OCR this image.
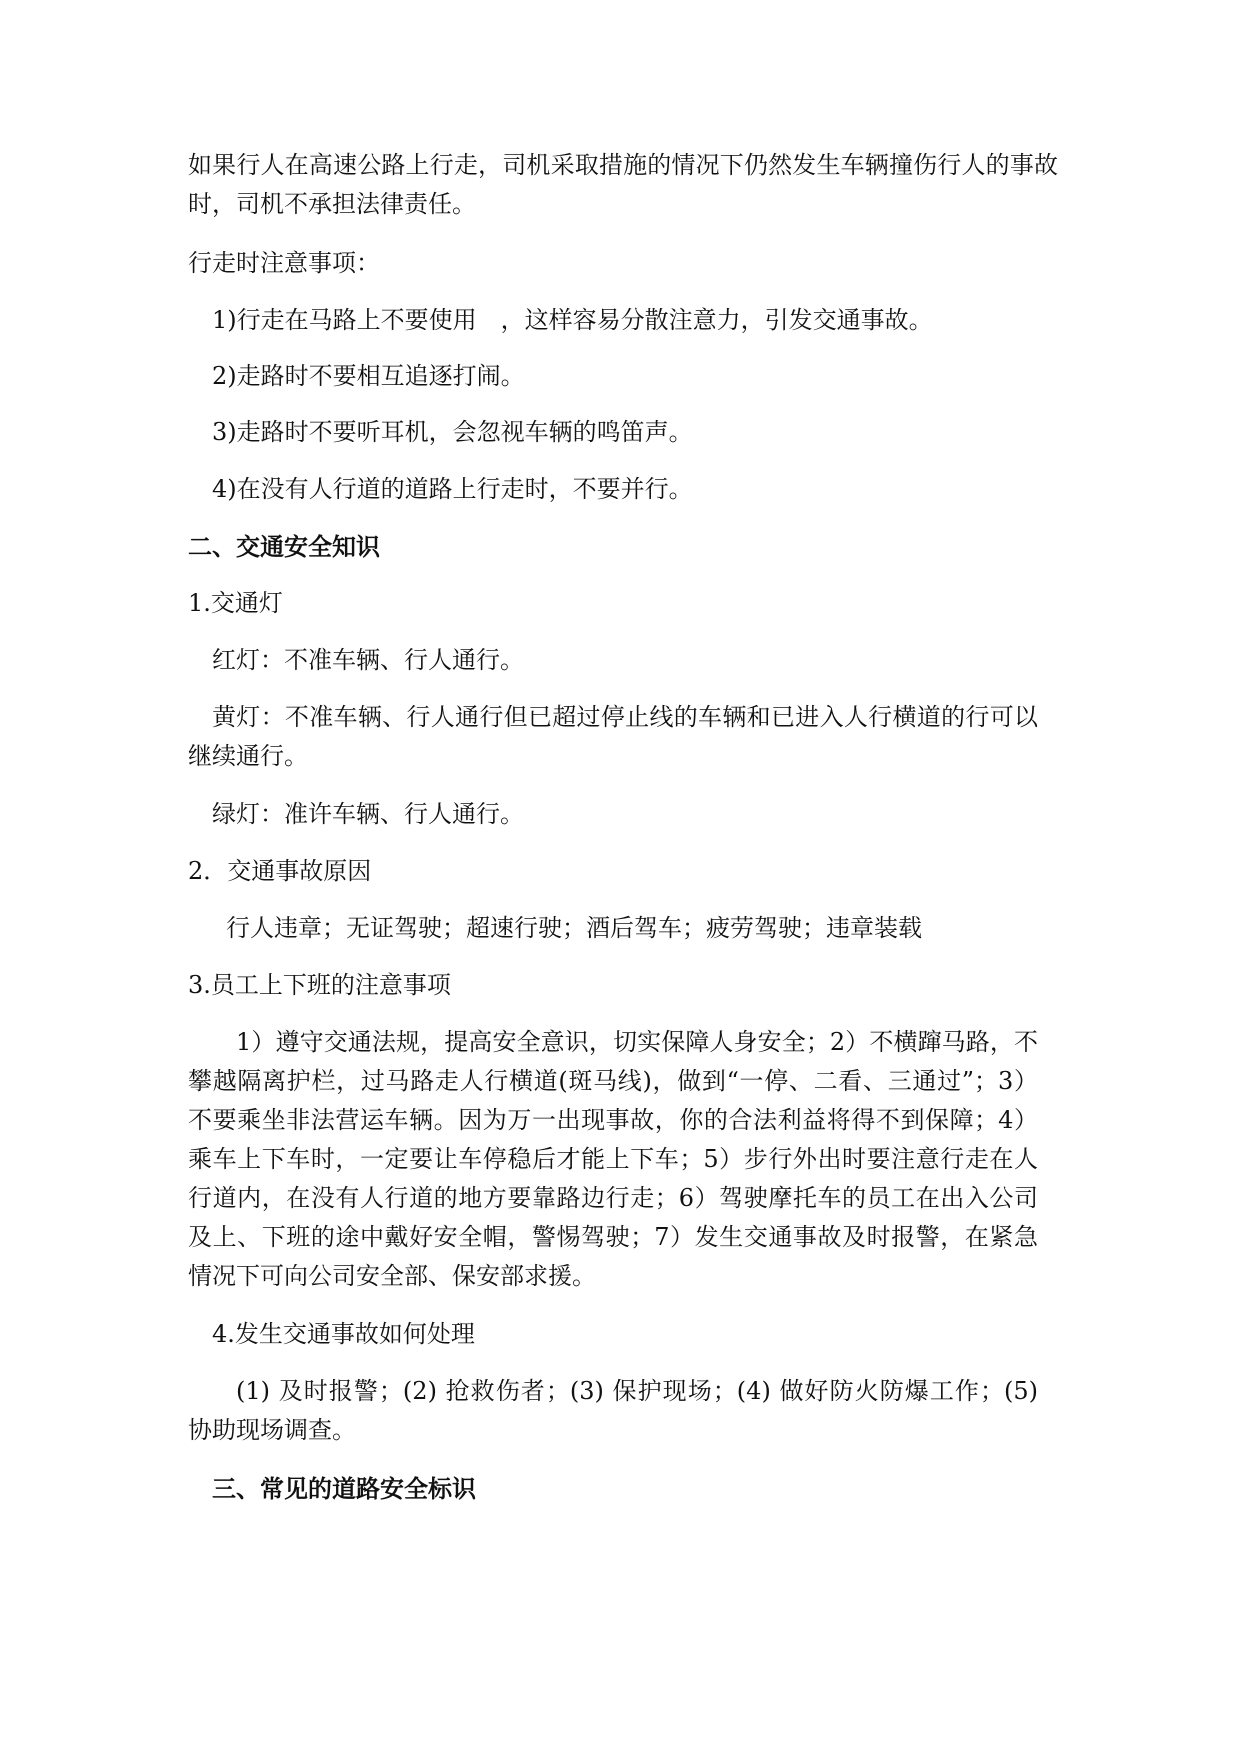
如果行人在高速公路上行走，司机采取措施的情况下仍然发生车辆撞伤行人的事故时，司机不承担法律责任。

行走时注意事项：

1)行走在马路上不要使用　，这样容易分散注意力，引发交通事故。

2)走路时不要相互追逐打闹。

3)走路时不要听耳机，会忽视车辆的鸣笛声。

4)在没有人行道的道路上行走时，不要并行。

二、交通安全知识

1.交通灯

红灯：不准车辆、行人通行。

黄灯：不准车辆、行人通行但已超过停止线的车辆和已进入人行横道的行可以继续通行。

绿灯：准许车辆、行人通行。

2．交通事故原因

行人违章；无证驾驶；超速行驶；酒后驾车；疲劳驾驶；违章装载

3.员工上下班的注意事项

1）遵守交通法规，提高安全意识，切实保障人身安全；2）不横蹿马路，不攀越隔离护栏，过马路走人行横道(斑马线)，做到“一停、二看、三通过”；3）不要乘坐非法营运车辆。因为万一出现事故，你的合法利益将得不到保障；4）乘车上下车时，一定要让车停稳后才能上下车；5）步行外出时要注意行走在人行道内，在没有人行道的地方要靠路边行走；6）驾驶摩托车的员工在出入公司及上、下班的途中戴好安全帽，警惕驾驶；7）发生交通事故及时报警，在紧急情况下可向公司安全部、保安部求援。

4.发生交通事故如何处理

(1) 及时报警；(2) 抢救伤者；(3) 保护现场；(4) 做好防火防爆工作；(5) 协助现场调查。

三、常见的道路安全标识
